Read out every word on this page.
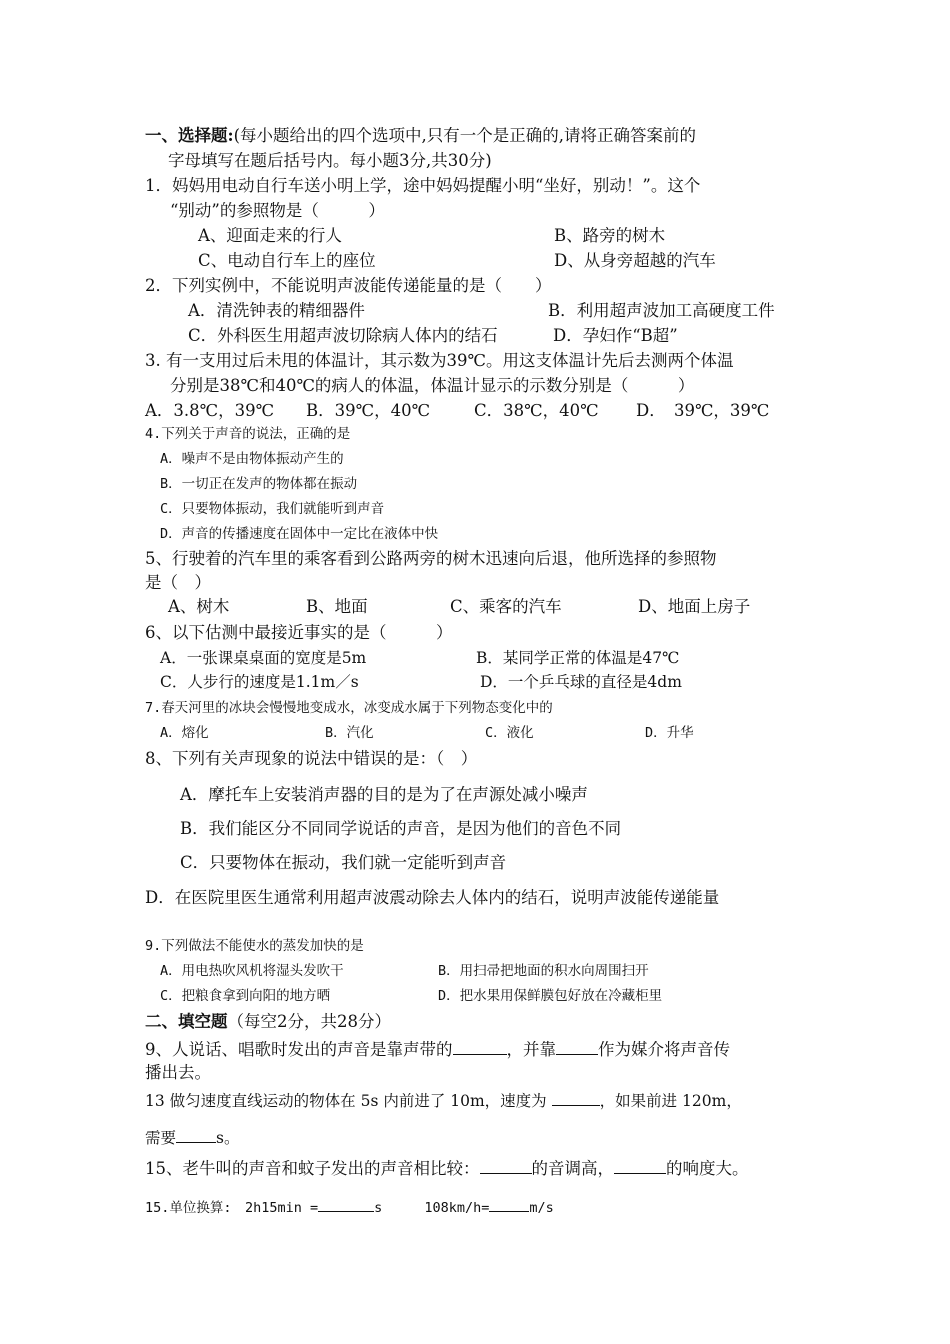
一、选择题:(每小题给出的四个选项中,只有一个是正确的,请将正确答案前的
字母填写在题后括号内。每小题3分,共30分)
1．妈妈用电动自行车送小明上学，途中妈妈提醒小明“坐好，别动！”。这个
“别动”的参照物是（　　　）
A、迎面走来的行人	B、路旁的树木
C、电动自行车上的座位	D、从身旁超越的汽车
2．下列实例中，不能说明声波能传递能量的是（　　）
A．清洗钟表的精细器件	B．利用超声波加工高硬度工件
C．外科医生用超声波切除病人体内的结石	D．孕妇作“B超”
3. 有一支用过后未甩的体温计，其示数为39℃。用这支体温计先后去测两个体温
分别是38℃和40℃的病人的体温，体温计显示的示数分别是（　　　）
A．3.8℃，39℃ B．39℃，40℃	C．38℃，40℃ D．　39℃，39℃
4.下列关于声音的说法，正确的是
A．噪声不是由物体振动产生的
B．一切正在发声的物体都在振动
C．只要物体振动，我们就能听到声音
D．声音的传播速度在固体中一定比在液体中快
5、行驶着的汽车里的乘客看到公路两旁的树木迅速向后退，他所选择的参照物
是（　）
A、树木	B、地面	C、乘客的汽车	D、地面上房子
6、以下估测中最接近事实的是（　　　）
A．一张课桌桌面的宽度是5m	B．某同学正常的体温是47℃
C．人步行的速度是1.1m／s	D．一个乒乓球的直径是4dm
7.春天河里的冰块会慢慢地变成水，冰变成水属于下列物态变化中的
A．熔化	B．汽化	C．液化	D．升华
8、下列有关声现象的说法中错误的是：（　）
A．摩托车上安装消声器的目的是为了在声源处减小噪声
B．我们能区分不同同学说话的声音，是因为他们的音色不同
C．只要物体在振动，我们就一定能听到声音
D．在医院里医生通常利用超声波震动除去人体内的结石，说明声波能传递能量
9.下列做法不能使水的蒸发加快的是
A．用电热吹风机将湿头发吹干	B．用扫帚把地面的积水向周围扫开
C．把粮食拿到向阳的地方晒	D．把水果用保鲜膜包好放在冷藏柜里
二、填空题（每空2分，共28分）
9、人说话、唱歌时发出的声音是靠声带的	，并靠	作为媒介将声音传
播出去。
13 做匀速度直线运动的物体在 5s 内前进了 10m，速度为	，如果前进 120m，
需要	s。
15、老牛叫的声音和蚊子发出的声音相比较：	的音调高，	的响度大。
15.单位换算:　2h15min =	s	108km/h=	m/s
